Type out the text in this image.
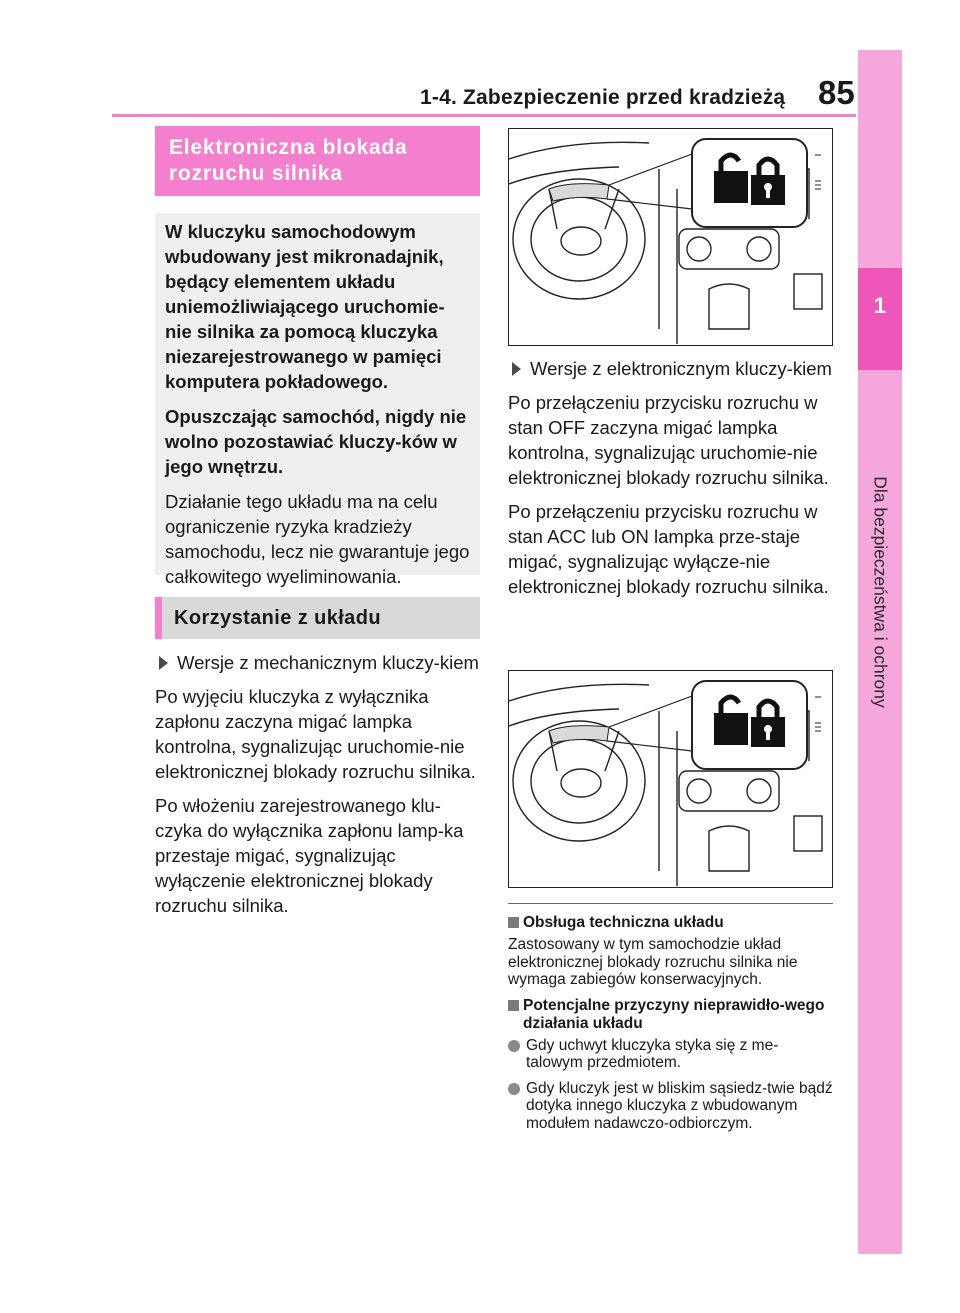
1-4. Zabezpieczenie przed kradzieżą 85
1
Dla bezpieczeństwa i ochrony
Elektroniczna blokada rozruchu silnika

W kluczyku samochodowym wbudowany jest mikronadajnik, będący elementem układu uniemożliwiającego uruchomie-nie silnika za pomocą kluczyka niezarejestrowanego w pamięci komputera pokładowego.

Opuszczając samochód, nigdy nie wolno pozostawiać kluczy-ków w jego wnętrzu.

Działanie tego układu ma na celu ograniczenie ryzyka kradzieży samochodu, lecz nie gwarantuje jego całkowitego wyeliminowania.

Korzystanie z układu

Wersje z mechanicznym kluczy-kiem

Po wyjęciu kluczyka z wyłącznika zapłonu zaczyna migać lampka kontrolna, sygnalizując uruchomie-nie elektronicznej blokady rozruchu silnika.

Po włożeniu zarejestrowanego klu-czyka do wyłącznika zapłonu lamp-ka przestaje migać, sygnalizując wyłączenie elektronicznej blokady rozruchu silnika.

Wersje z elektronicznym kluczy-kiem

Po przełączeniu przycisku rozruchu w stan OFF zaczyna migać lampka kontrolna, sygnalizując uruchomie-nie elektronicznej blokady rozruchu silnika.

Po przełączeniu przycisku rozruchu w stan ACC lub ON lampka prze-staje migać, sygnalizując wyłącze-nie elektronicznej blokady rozruchu silnika.

Obsługa techniczna układu

Zastosowany w tym samochodzie układ elektronicznej blokady rozruchu silnika nie wymaga zabiegów konserwacyjnych.

Potencjalne przyczyny nieprawidło-wego działania układu

Gdy uchwyt kluczyka styka się z me-talowym przedmiotem.

Gdy kluczyk jest w bliskim sąsiedz-twie bądź dotyka innego kluczyka z wbudowanym modułem nadawczo-odbiorczym.
